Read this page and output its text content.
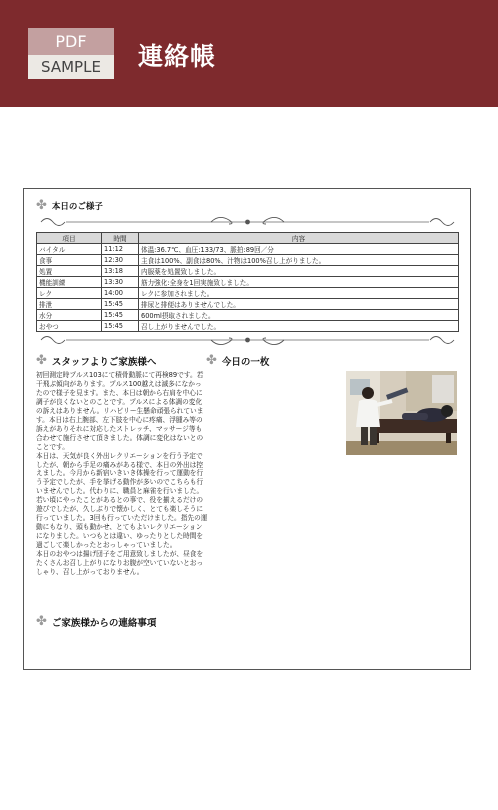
PDF
SAMPLE	連絡帳
✤ 本日のご様子
項目	時間	内容
バイタル	11:12	体温:36.7℃、血圧:133/73、脈拍:89回／分
食事	12:30	主食は100%、副食は80%、汁物は100%召し上がりました。
処置	13:18	内服薬を処置致しました。
機能訓練	13:30	筋力強化:全身を1回実施致しました。
レク	14:00	レクに参加されました。
排泄	15:45	排尿と排便はありませんでした。
水分	15:45	600ml摂取されました。
おやつ	15:45	召し上がりませんでした。
✤ スタッフよりご家族様へ	✤ 今日の一枚

初回測定時プルス103にて積骨動脈にて再検89です。若干飛ぶ傾向があります。プルス100越えは滅多になかったので様子を見ます。また、本日は朝から右肩を中心に調子が良くないとのことです。プルスによる体調の変化の訴えはありません。リハビリー生懸命頑張られています。本日は右上腕部、左下肢を中心に疼痛、浮腫み等の訴えがありそれに対応したストレッチ、マッサージ等も合わせて施行させて頂きました。体調に変化はないとのことです。

本日は、天気が良く外出レクリエーションを行う予定でしたが、朝から手足の痛みがある様で、本日の外出は控えました。今月から新宿いきいき体操を行って運動を行う予定でしたが、手を挙げる動作が多いのでこちらも行いませんでした。代わりに、職員と麻雀を行いました。若い頃にやったことがあるとの事で、役を揃えるだけの遊びでしたが、久しぶりで懐かしく、とても楽しそうに行っていました。3回も行っていただけました。指先の運動にもなり、頭も動かせ、とてもよいレクリエーションになりました。いつもとは違い、ゆったりとした時間を過ごして楽しかったとおっしゃっていました。

本日のおやつは揚げ団子をご用意致しましたが、昼食をたくさんお召し上がりになりお腹が空いていないとおっしゃり、召し上がっておりません。

✤ ご家族様からの連絡事項
